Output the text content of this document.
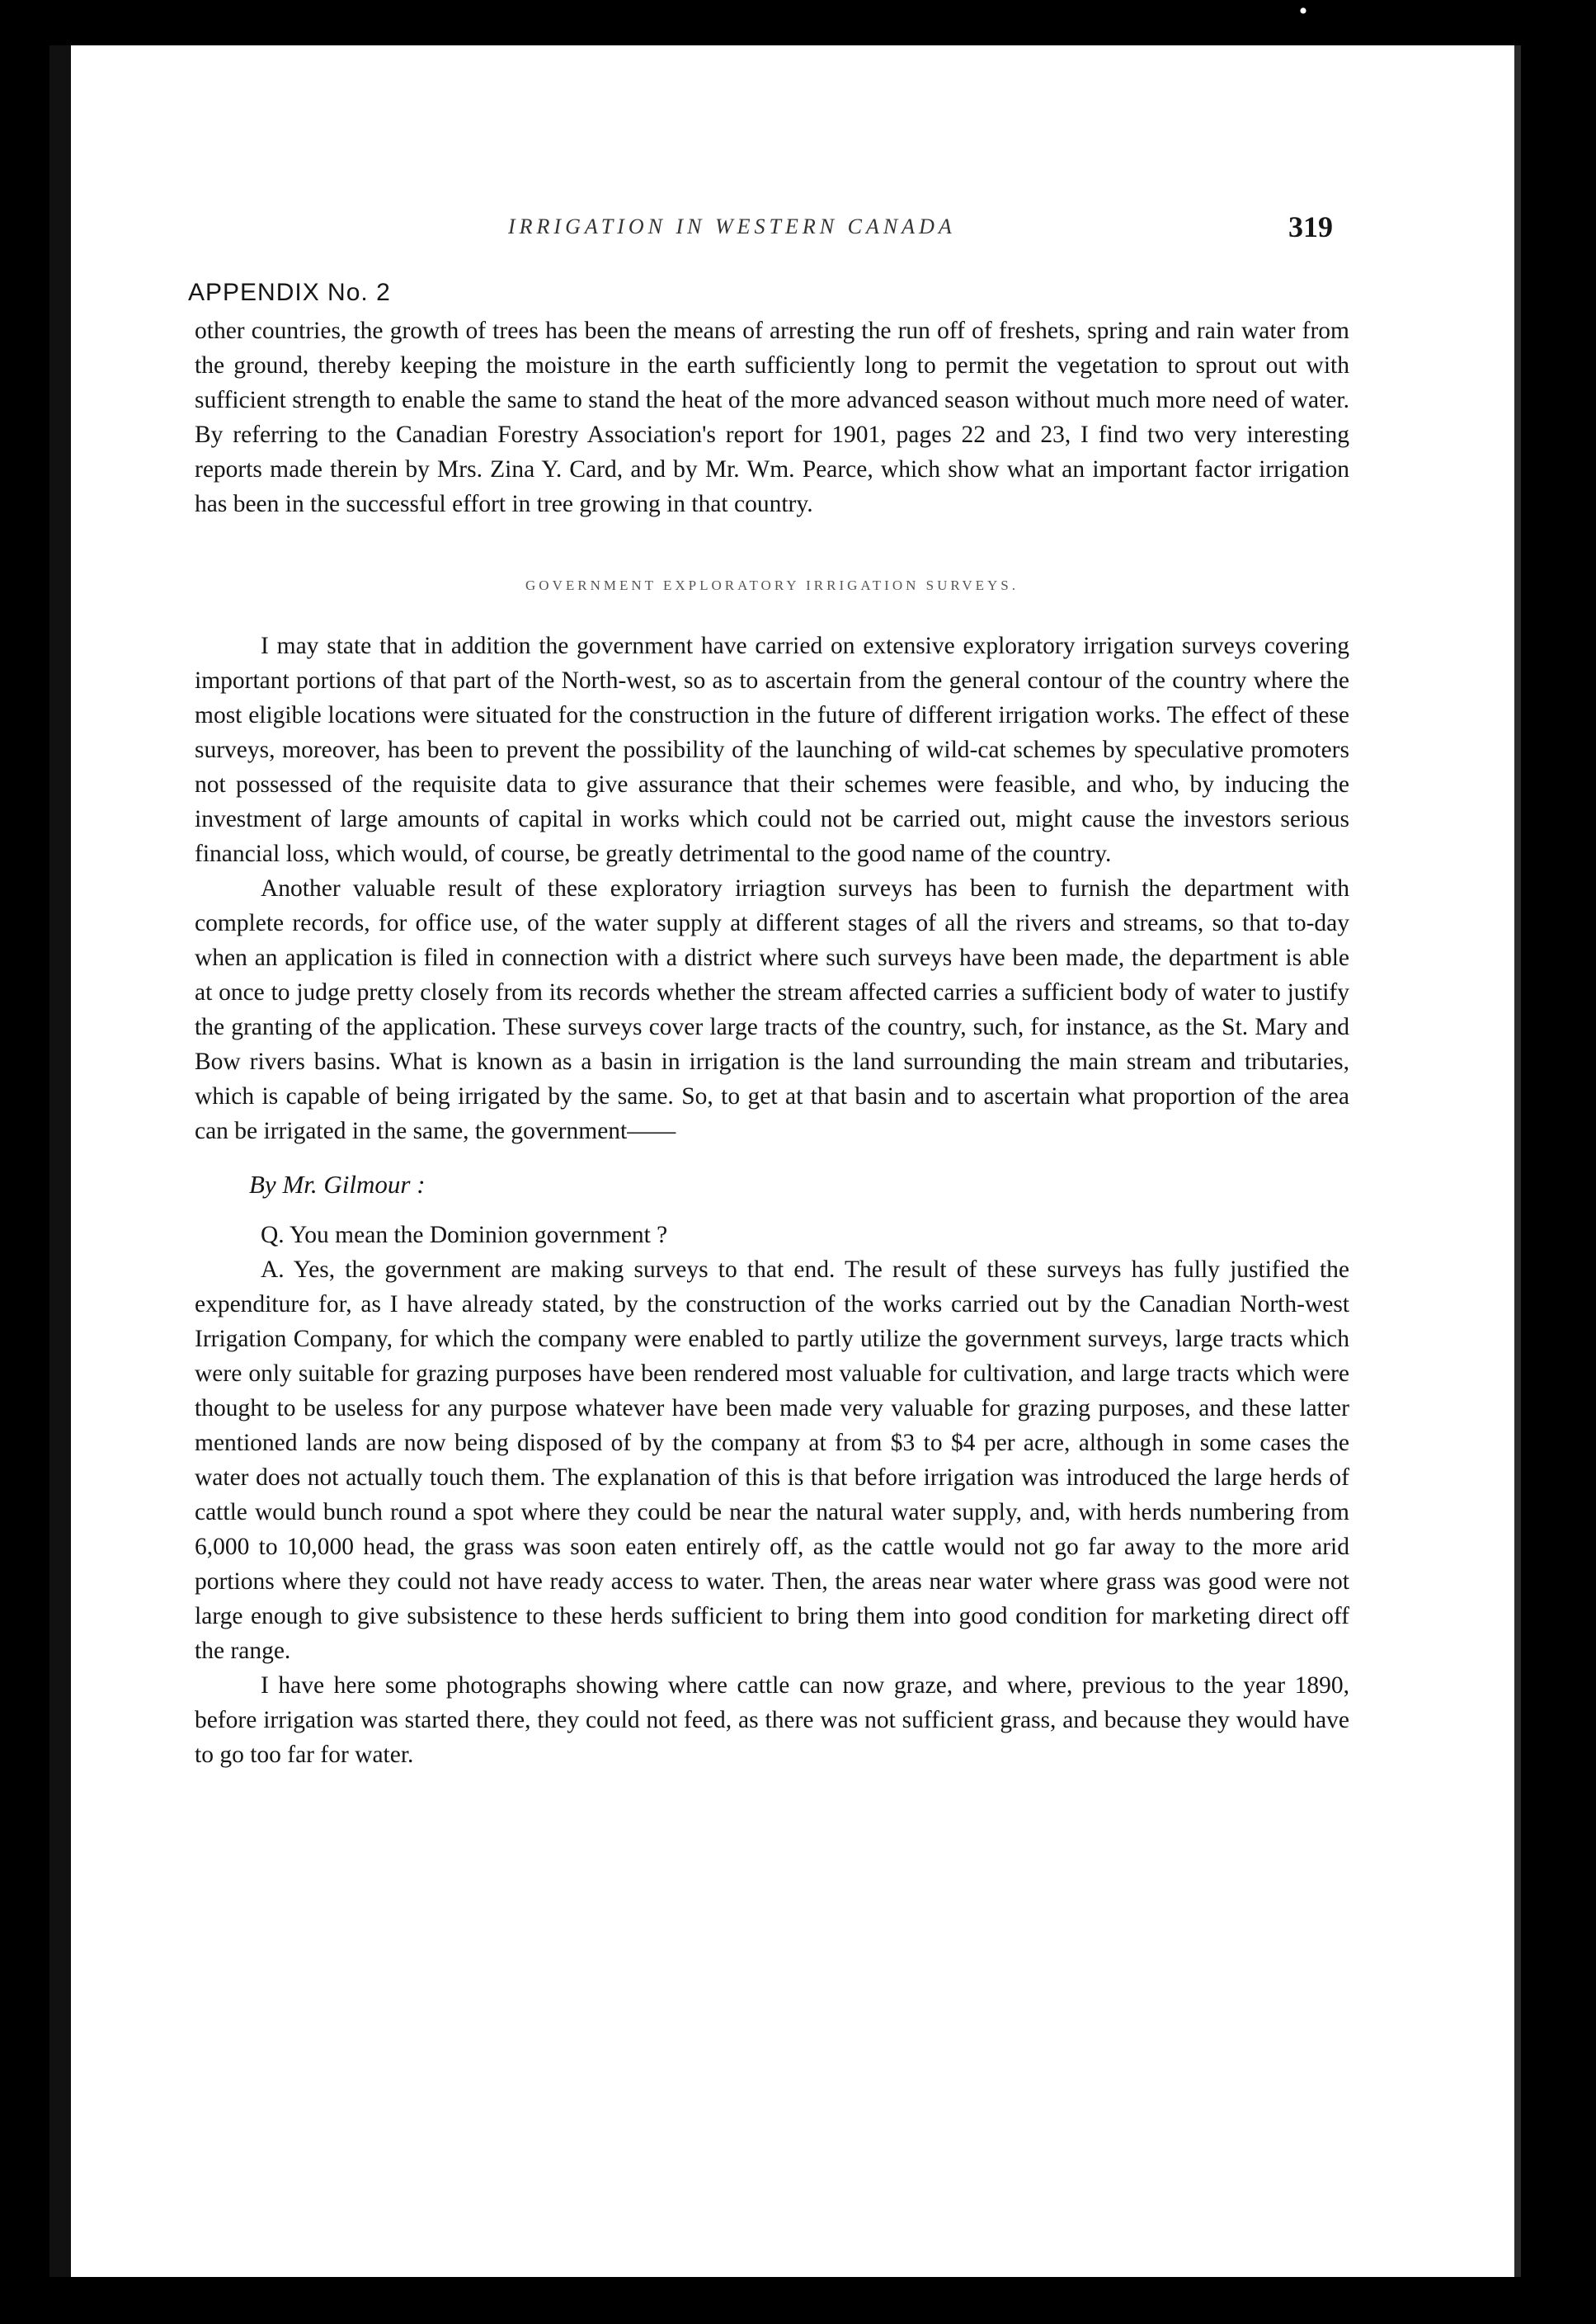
•
IRRIGATION IN WESTERN CANADA	319
APPENDIX No. 2

other countries, the growth of trees has been the means of arresting the run off of freshets, spring and rain water from the ground, thereby keeping the moisture in the earth sufficiently long to permit the vegetation to sprout out with sufficient strength to enable the same to stand the heat of the more advanced season without much more need of water. By referring to the Canadian Forestry Association's report for 1901, pages 22 and 23, I find two very interesting reports made therein by Mrs. Zina Y. Card, and by Mr. Wm. Pearce, which show what an important factor irrigation has been in the successful effort in tree growing in that country.

GOVERNMENT EXPLORATORY IRRIGATION SURVEYS.

I may state that in addition the government have carried on extensive exploratory irrigation surveys covering important portions of that part of the North-west, so as to ascertain from the general contour of the country where the most eligible locations were situated for the construction in the future of different irrigation works. The effect of these surveys, moreover, has been to prevent the possibility of the launching of wild-cat schemes by speculative promoters not possessed of the requisite data to give assurance that their schemes were feasible, and who, by inducing the investment of large amounts of capital in works which could not be carried out, might cause the investors serious financial loss, which would, of course, be greatly detrimental to the good name of the country.

Another valuable result of these exploratory irriagtion surveys has been to furnish the department with complete records, for office use, of the water supply at different stages of all the rivers and streams, so that to-day when an application is filed in connection with a district where such surveys have been made, the department is able at once to judge pretty closely from its records whether the stream affected carries a sufficient body of water to justify the granting of the application. These surveys cover large tracts of the country, such, for instance, as the St. Mary and Bow rivers basins. What is known as a basin in irrigation is the land surrounding the main stream and tributaries, which is capable of being irrigated by the same. So, to get at that basin and to ascertain what proportion of the area can be irrigated in the same, the government——

By Mr. Gilmour :

Q. You mean the Dominion government ?

A. Yes, the government are making surveys to that end. The result of these surveys has fully justified the expenditure for, as I have already stated, by the construction of the works carried out by the Canadian North-west Irrigation Company, for which the company were enabled to partly utilize the government surveys, large tracts which were only suitable for grazing purposes have been rendered most valuable for cultivation, and large tracts which were thought to be useless for any purpose whatever have been made very valuable for grazing purposes, and these latter mentioned lands are now being disposed of by the company at from $3 to $4 per acre, although in some cases the water does not actually touch them. The explanation of this is that before irrigation was introduced the large herds of cattle would bunch round a spot where they could be near the natural water supply, and, with herds numbering from 6,000 to 10,000 head, the grass was soon eaten entirely off, as the cattle would not go far away to the more arid portions where they could not have ready access to water. Then, the areas near water where grass was good were not large enough to give subsistence to these herds sufficient to bring them into good condition for marketing direct off the range.

I have here some photographs showing where cattle can now graze, and where, previous to the year 1890, before irrigation was started there, they could not feed, as there was not sufficient grass, and because they would have to go too far for water.
